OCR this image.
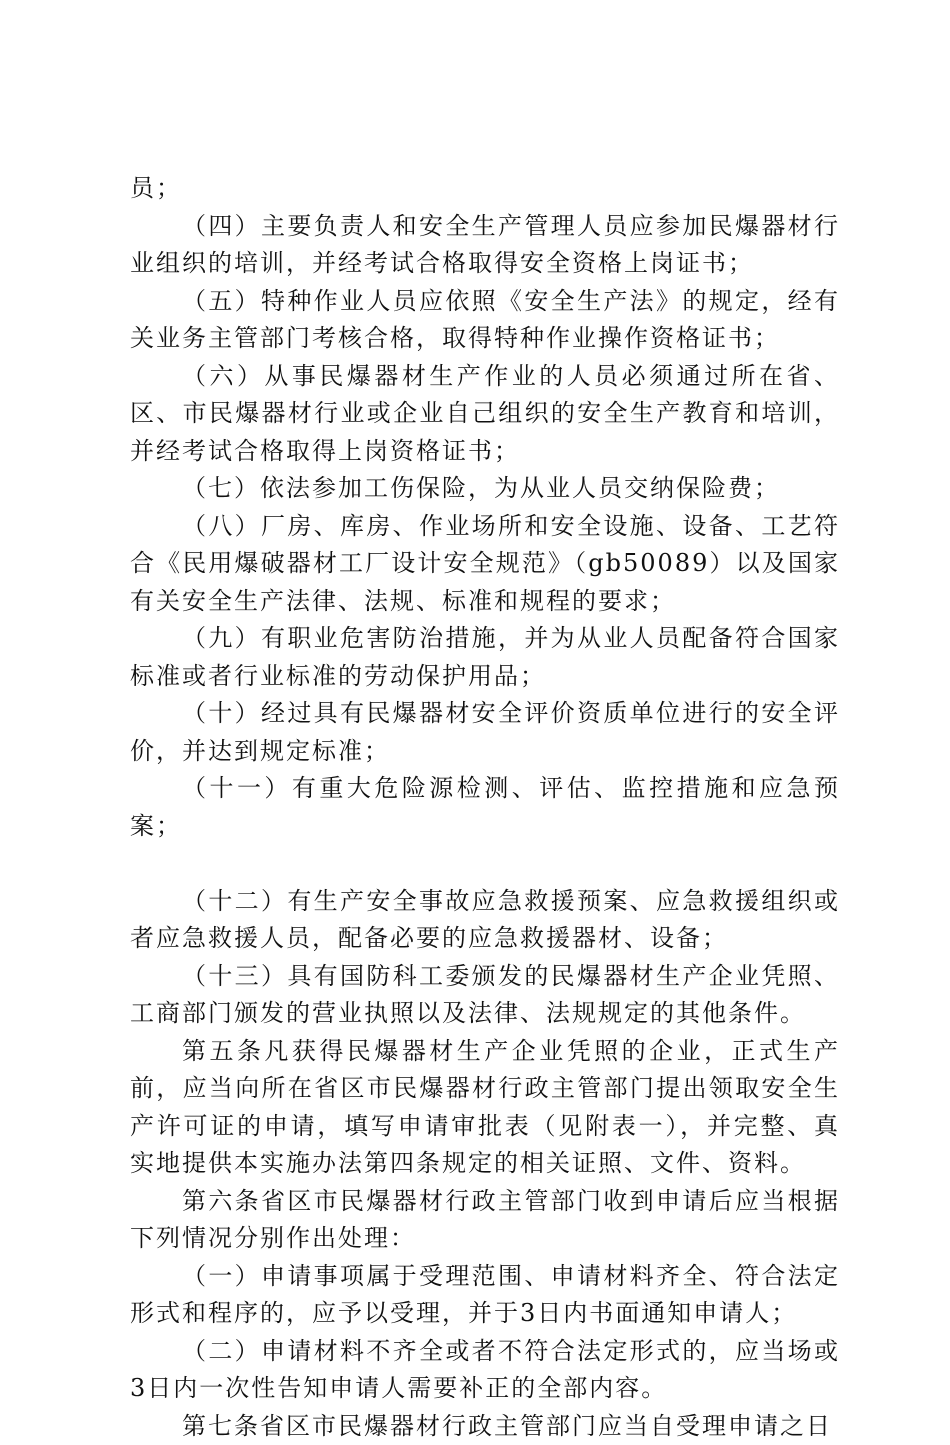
员；

（四）主要负责人和安全生产管理人员应参加民爆器材行业组织的培训，并经考试合格取得安全资格上岗证书；

（五）特种作业人员应依照《安全生产法》的规定，经有关业务主管部门考核合格，取得特种作业操作资格证书；

（六）从事民爆器材生产作业的人员必须通过所在省、区、市民爆器材行业或企业自己组织的安全生产教育和培训，并经考试合格取得上岗资格证书；

（七）依法参加工伤保险，为从业人员交纳保险费；

（八）厂房、库房、作业场所和安全设施、设备、工艺符合《民用爆破器材工厂设计安全规范》（gb50089）以及国家有关安全生产法律、法规、标准和规程的要求；

（九）有职业危害防治措施，并为从业人员配备符合国家标准或者行业标准的劳动保护用品；

（十）经过具有民爆器材安全评价资质单位进行的安全评价，并达到规定标准；

（十一）有重大危险源检测、评估、监控措施和应急预案；

（十二）有生产安全事故应急救援预案、应急救援组织或者应急救援人员，配备必要的应急救援器材、设备；

（十三）具有国防科工委颁发的民爆器材生产企业凭照、工商部门颁发的营业执照以及法律、法规规定的其他条件。

第五条凡获得民爆器材生产企业凭照的企业，正式生产前，应当向所在省区市民爆器材行政主管部门提出领取安全生产许可证的申请，填写申请审批表（见附表一），并完整、真实地提供本实施办法第四条规定的相关证照、文件、资料。

第六条省区市民爆器材行政主管部门收到申请后应当根据下列情况分别作出处理：

（一）申请事项属于受理范围、申请材料齐全、符合法定形式和程序的，应予以受理，并于3日内书面通知申请人；

（二）申请材料不齐全或者不符合法定形式的，应当场或3日内一次性告知申请人需要补正的全部内容。

第七条省区市民爆器材行政主管部门应当自受理申请之日
